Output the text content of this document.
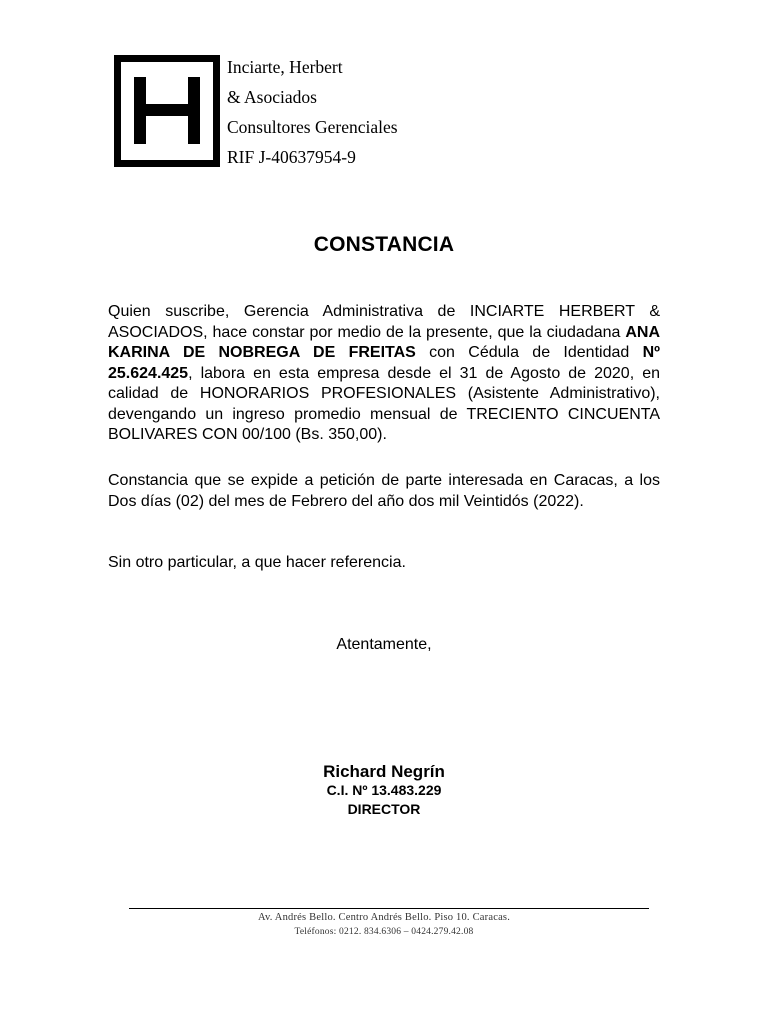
Inciarte, Herbert
& Asociados
Consultores Gerenciales
RIF J-40637954-9
CONSTANCIA
Quien suscribe, Gerencia Administrativa de INCIARTE HERBERT & ASOCIADOS, hace constar por medio de la presente, que la ciudadana ANA KARINA DE NOBREGA DE FREITAS con Cédula de Identidad Nº 25.624.425, labora en esta empresa desde el 31 de Agosto de 2020, en calidad de HONORARIOS PROFESIONALES (Asistente Administrativo), devengando un ingreso promedio mensual de TRECIENTO CINCUENTA BOLIVARES CON 00/100 (Bs. 350,00).
Constancia que se expide a petición de parte interesada en Caracas, a los Dos días (02) del mes de Febrero del año dos mil Veintidós (2022).
Sin otro particular, a que hacer referencia.
Atentamente,
Richard Negrín
C.I. Nº 13.483.229
DIRECTOR
Av. Andrés Bello. Centro Andrés Bello. Piso 10. Caracas.
Teléfonos: 0212. 834.6306 – 0424.279.42.08
